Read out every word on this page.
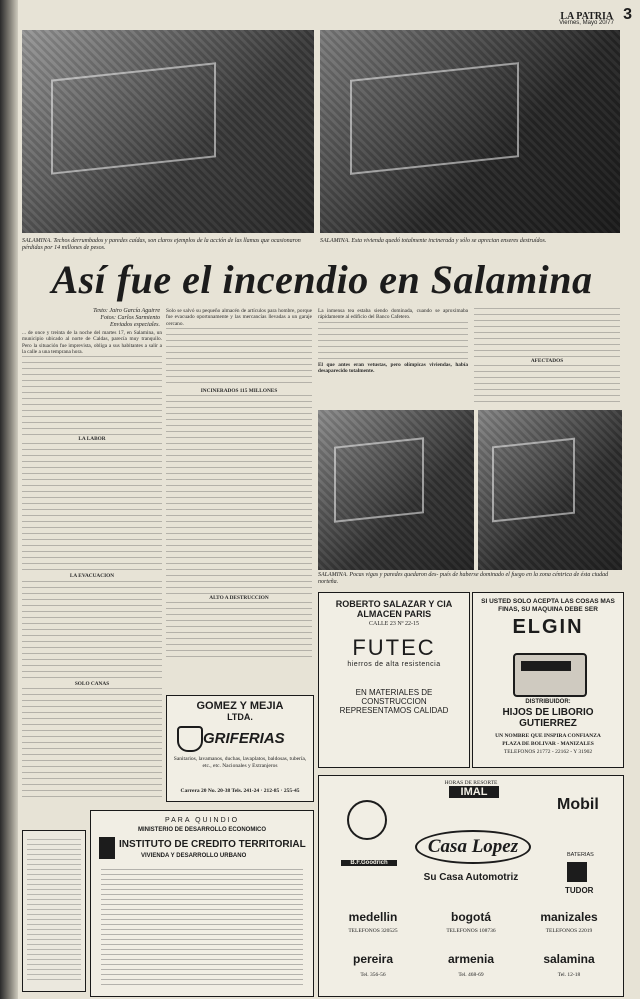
LA PATRIA 3
Viernes, Mayo 20/77
SALAMINA. Techos derrumbados y paredes caídas, son claros ejemplos de la acción de las llamas que ocasionaron pérdidas por 14 millones de pesos.
SALAMINA. Esta vivienda quedó totalmente incinerada y sólo se aprecian enseres destruídos.
Así fue el incendio en Salamina
Texto: Jairo García Aguirre
Fotos: Carlos Sarmiento
Enviados especiales.

... de once y treinta de la noche del martes 17, en Salamina, un municipio ubicado al norte de Caldas, parecía muy tranquilo. Pero la situación fue imprevista, obliga a sus habitantes a salir a la calle a una temprana hora.

LA LABOR

LA EVACUACION

SOLO CANAS

Solo se salvó su pequeño almacén de artículos para hombre, porque fue evacuado oportunamente y las mercancías llevadas a un garaje cercano.

INCINERADOS 115 MILLONES

ALTO A DESTRUCCION

La inmensa tea estaba siendo dominada, cuando se aproximaba rápidamente al edificio del Banco Cafetero.

El que antes eran vetustas, pero olímpicas viviendas, había desaparecido totalmente.

AFECTADOS

SALAMINA. Pocas vigas y paredes quedaron des- pués de haberse dominado el fuego en la zona céntrica de ésta ciudad norteña.
GOMEZ Y MEJIA
LTDA.
GRIFERIAS
Sanitarios, lavamanos, duchas, lavaplatos, baldosas, tubería, etc., etc. Nacionales y Extranjeros
Carrera 20 No. 20-38 Tels. 241-24 · 212-85 · 255-45
ROBERTO SALAZAR Y CIA
ALMACEN PARIS
CALLE 23 Nº 22-15
FUTEC
hierros de alta resistencia
EN MATERIALES DE
CONSTRUCCION
REPRESENTAMOS CALIDAD
SI USTED SOLO ACEPTA LAS COSAS MAS FINAS, SU MAQUINA DEBE SER
ELGIN
DISTRIBUIDOR:
HIJOS DE LIBORIO GUTIERREZ
UN NOMBRE QUE INSPIRA CONFIANZA
PLAZA DE BOLIVAR - MANIZALES
TELEFONOS 21772 - 22162 - Y 31902
PARA QUINDIO
MINISTERIO DE DESARROLLO ECONOMICO
INSTITUTO DE CREDITO TERRITORIAL
VIVIENDA Y DESARROLLO URBANO
HORAS DE RESORTE
IMAL
Mobil
Casa Lopez
B.F.Goodrich
Su Casa Automotriz
BATERIAS
TUDOR
medellin	bogotá	manizales
TELEFONOS 320525	TELEFONOS 108736	TELEFONOS 22019
pereira	armenia	salamina
Tel. 356-56	Tel. 468-69	Tel. 12-18
